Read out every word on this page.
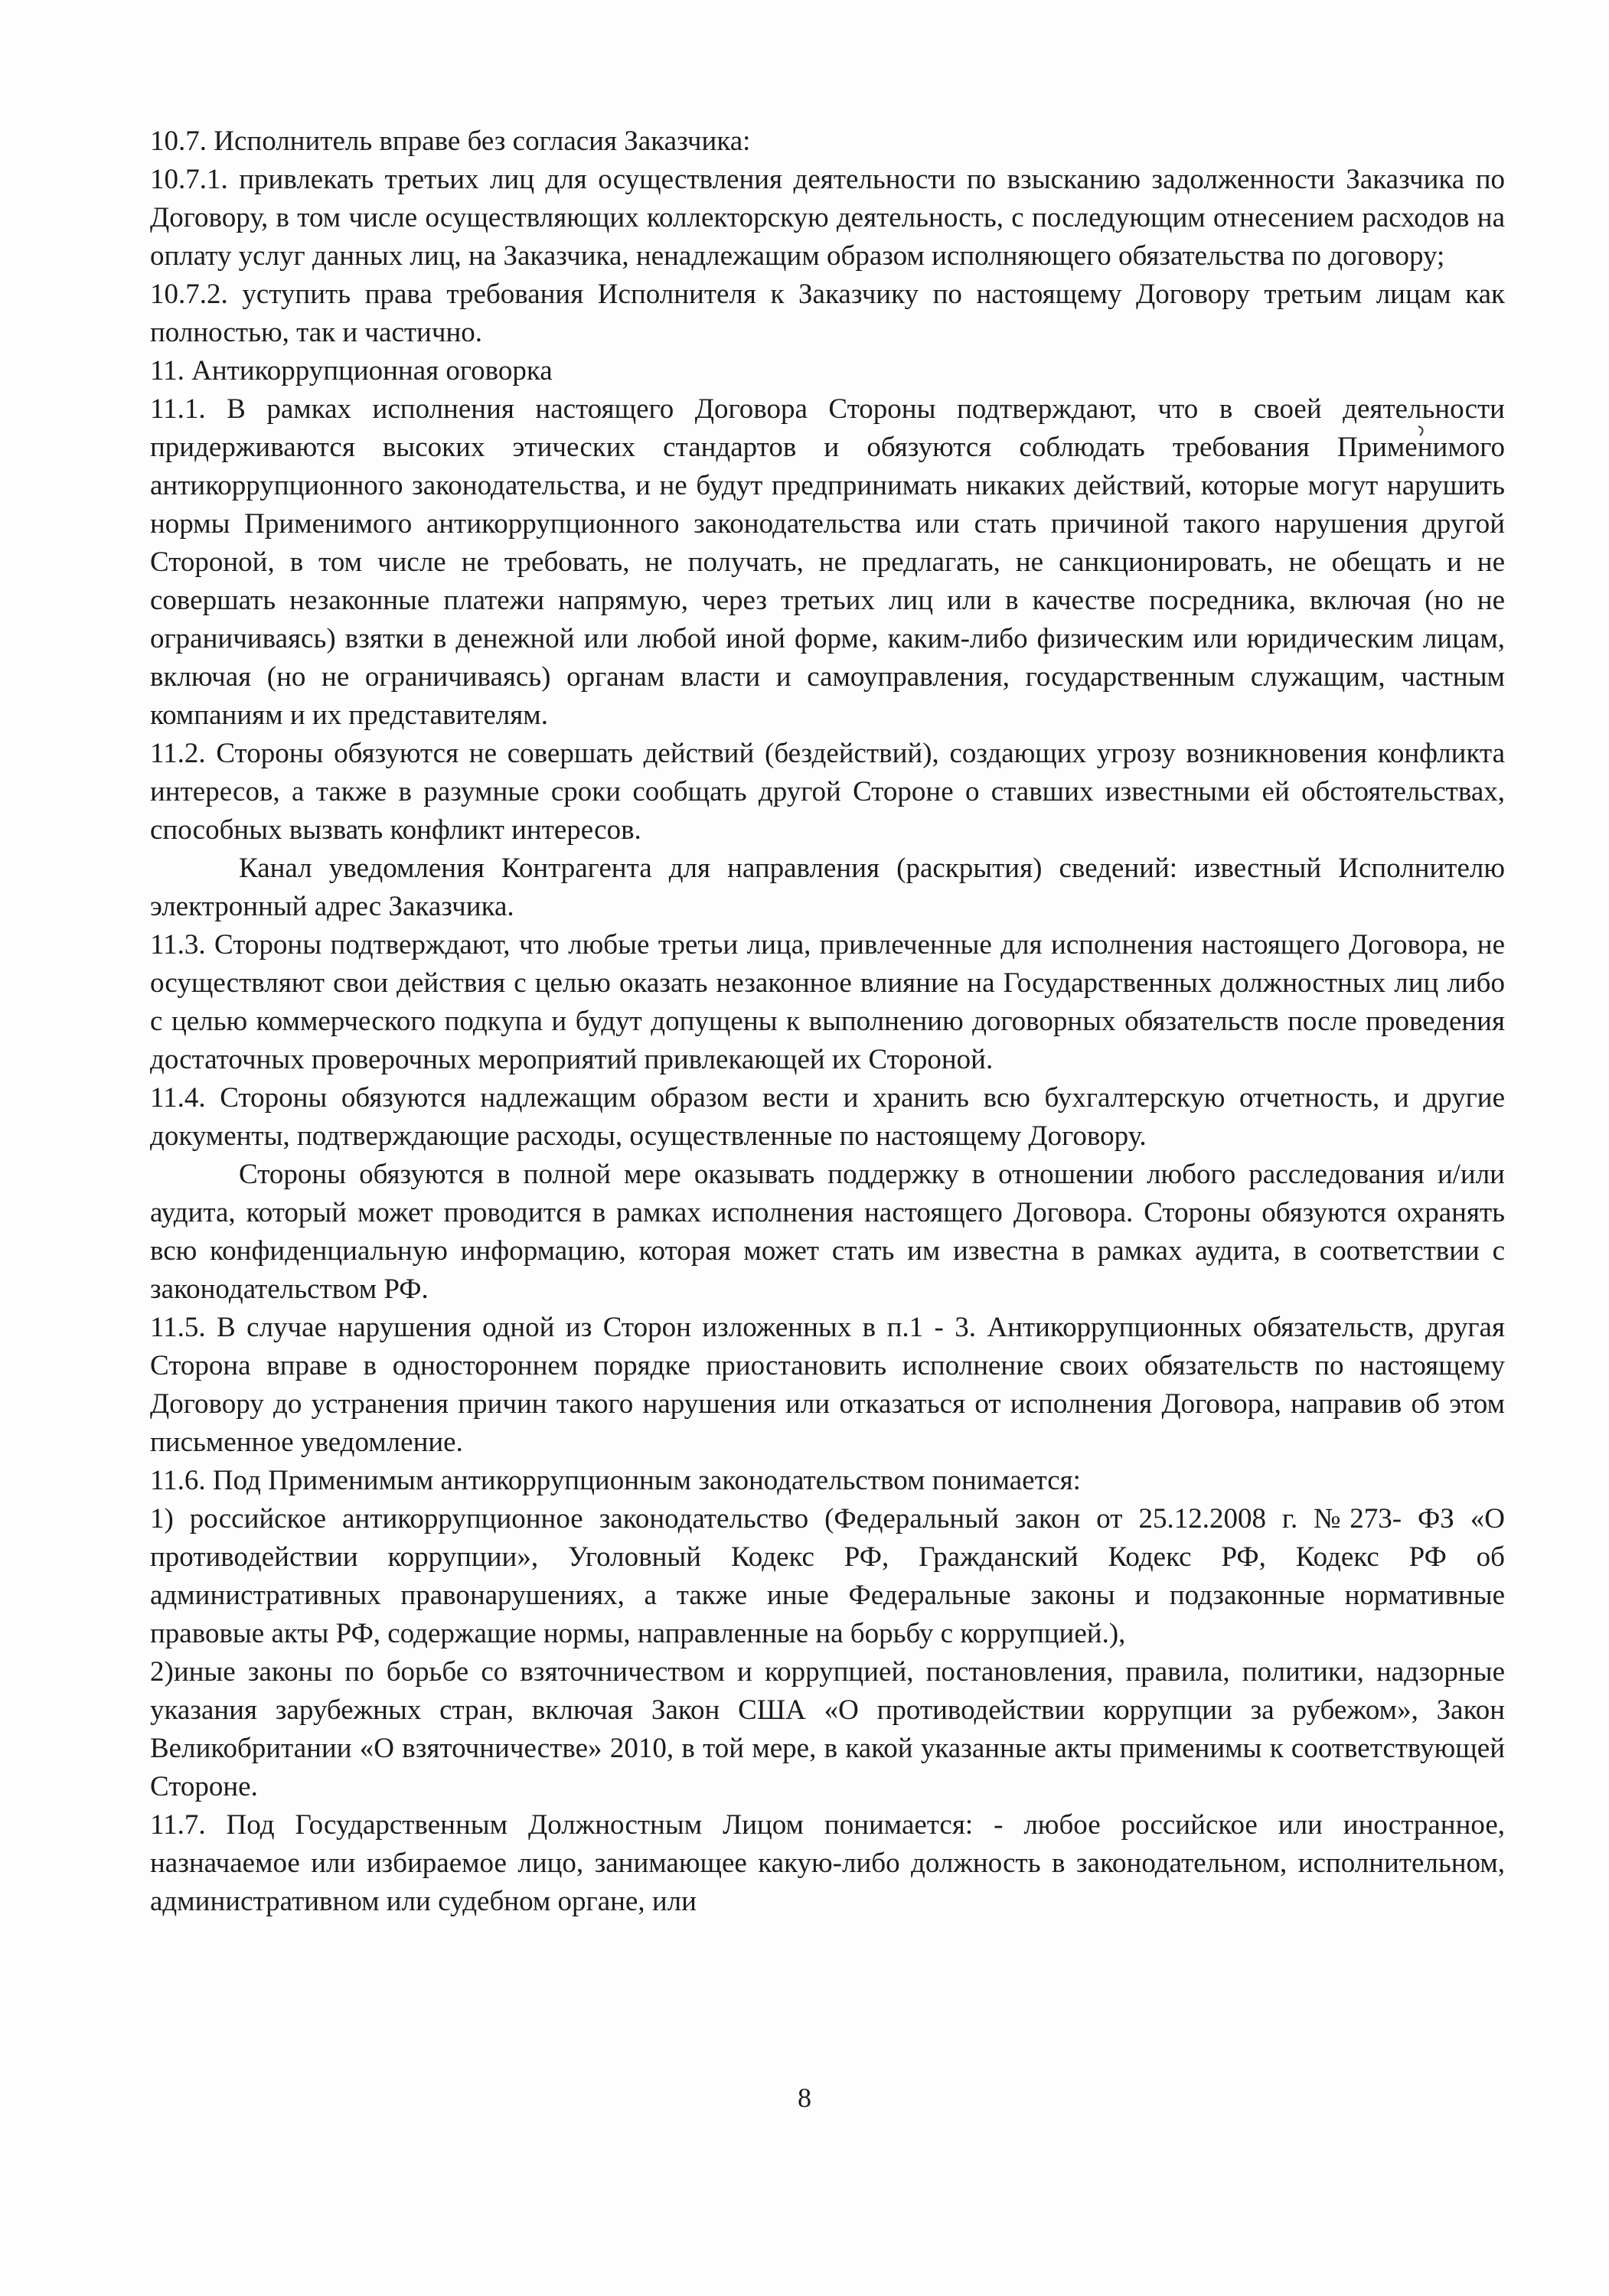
10.7. Исполнитель вправе без согласия Заказчика:

10.7.1. привлекать третьих лиц для осуществления деятельности по взысканию задолженности Заказчика по Договору, в том числе осуществляющих коллекторскую деятельность, с последующим отнесением расходов на оплату услуг данных лиц, на Заказчика, ненадлежащим образом исполняющего обязательства по договору;

10.7.2. уступить права требования Исполнителя к Заказчику по настоящему Договору третьим лицам как полностью, так и частично.

11. Антикоррупционная оговорка

11.1. В рамках исполнения настоящего Договора Стороны подтверждают, что в своей деятельности придерживаются высоких этических стандартов и обязуются соблюдать требования Применимого антикоррупционного законодательства, и не будут предпринимать никаких действий, которые могут нарушить нормы Применимого антикоррупционного законодательства или стать причиной такого нарушения другой Стороной, в том числе не требовать, не получать, не предлагать, не санкционировать, не обещать и не совершать незаконные платежи напрямую, через третьих лиц или в качестве посредника, включая (но не ограничиваясь) взятки в денежной или любой иной форме, каким-либо физическим или юридическим лицам, включая (но не ограничиваясь) органам власти и самоуправления, государственным служащим, частным компаниям и их представителям.

11.2. Стороны обязуются не совершать действий (бездействий), создающих угрозу возникновения конфликта интересов, а также в разумные сроки сообщать другой Стороне о ставших известными ей обстоятельствах, способных вызвать конфликт интересов.

Канал уведомления Контрагента для направления (раскрытия) сведений: известный Исполнителю электронный адрес Заказчика.

11.3. Стороны подтверждают, что любые третьи лица, привлеченные для исполнения настоящего Договора, не осуществляют свои действия с целью оказать незаконное влияние на Государственных должностных лиц либо с целью коммерческого подкупа и будут допущены к выполнению договорных обязательств после проведения достаточных проверочных мероприятий привлекающей их Стороной.

11.4. Стороны обязуются надлежащим образом вести и хранить всю бухгалтерскую отчетность, и другие документы, подтверждающие расходы, осуществленные по настоящему Договору.

Стороны обязуются в полной мере оказывать поддержку в отношении любого расследования и/или аудита, который может проводится в рамках исполнения настоящего Договора. Стороны обязуются охранять всю конфиденциальную информацию, которая может стать им известна в рамках аудита, в соответствии с законодательством РФ.

11.5. В случае нарушения одной из Сторон изложенных в п.1 - 3. Антикоррупционных обязательств, другая Сторона вправе в одностороннем порядке приостановить исполнение своих обязательств по настоящему Договору до устранения причин такого нарушения или отказаться от исполнения Договора, направив об этом письменное уведомление.

11.6. Под Применимым антикоррупционным законодательством понимается:

1) российское антикоррупционное законодательство (Федеральный закон от 25.12.2008 г. №273- ФЗ «О противодействии коррупции», Уголовный Кодекс РФ, Гражданский Кодекс РФ, Кодекс РФ об административных правонарушениях, а также иные Федеральные законы и подзаконные нормативные правовые акты РФ, содержащие нормы, направленные на борьбу с коррупцией.),

2)иные законы по борьбе со взяточничеством и коррупцией, постановления, правила, политики, надзорные указания зарубежных стран, включая Закон США «О противодействии коррупции за рубежом», Закон Великобритании «О взяточничестве» 2010, в той мере, в какой указанные акты применимы к соответствующей Стороне.

11.7. Под Государственным Должностным Лицом понимается: - любое российское или иностранное, назначаемое или избираемое лицо, занимающее какую-либо должность в законодательном, исполнительном, административном или судебном органе, или

8
